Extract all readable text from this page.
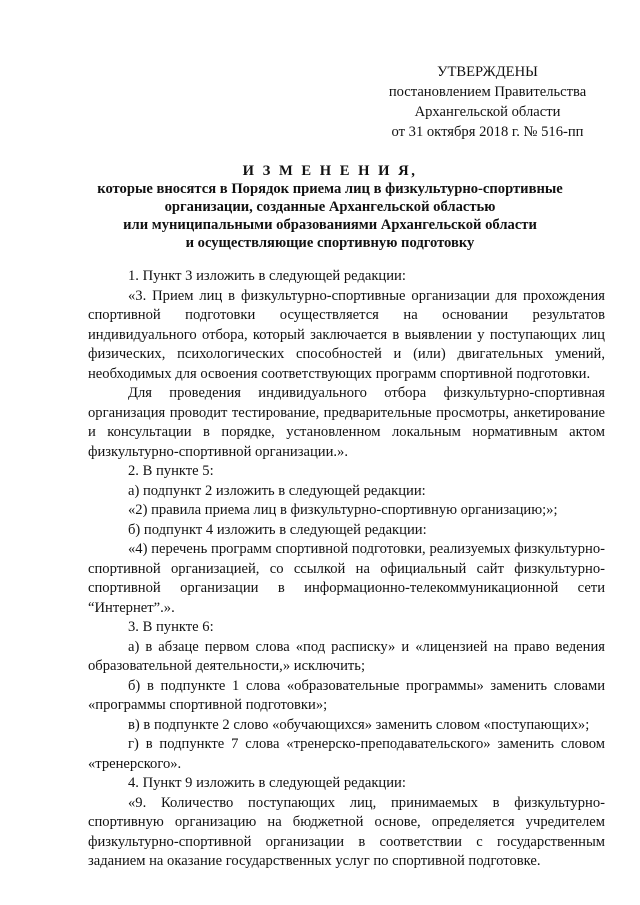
УТВЕРЖДЕНЫ
постановлением Правительства
Архангельской области
от 31 октября 2018 г. № 516-пп
И З М Е Н Е Н И Я,
которые вносятся в Порядок приема лиц в физкультурно-спортивные
организации, созданные Архангельской областью
или муниципальными образованиями Архангельской области
и осуществляющие спортивную подготовку

1. Пункт 3 изложить в следующей редакции:

«3. Прием лиц в физкультурно-спортивные организации для прохождения спортивной подготовки осуществляется на основании результатов индивидуального отбора, который заключается в выявлении у поступающих лиц физических, психологических способностей и (или) двигательных умений, необходимых для освоения соответствующих программ спортивной подготовки.

Для проведения индивидуального отбора физкультурно-спортивная организация проводит тестирование, предварительные просмотры, анкетирование и консультации в порядке, установленном локальным нормативным актом физкультурно-спортивной организации.».

2. В пункте 5:

а) подпункт 2 изложить в следующей редакции:

«2) правила приема лиц в физкультурно-спортивную организацию;»;

б) подпункт 4 изложить в следующей редакции:

«4) перечень программ спортивной подготовки, реализуемых физкультурно-спортивной организацией, со ссылкой на официальный сайт физкультурно-спортивной организации в информационно-телекоммуникационной сети “Интернет”.».

3. В пункте 6:

а) в абзаце первом слова «под расписку» и «лицензией на право ведения образовательной деятельности,» исключить;

б) в подпункте 1 слова «образовательные программы» заменить словами «программы спортивной подготовки»;

в) в подпункте 2 слово «обучающихся» заменить словом «поступающих»;

г) в подпункте 7 слова «тренерско-преподавательского» заменить словом «тренерского».

4. Пункт 9 изложить в следующей редакции:

«9. Количество поступающих лиц, принимаемых в физкультурно-спортивную организацию на бюджетной основе, определяется учредителем физкультурно-спортивной организации в соответствии с государственным заданием на оказание государственных услуг по спортивной подготовке.
